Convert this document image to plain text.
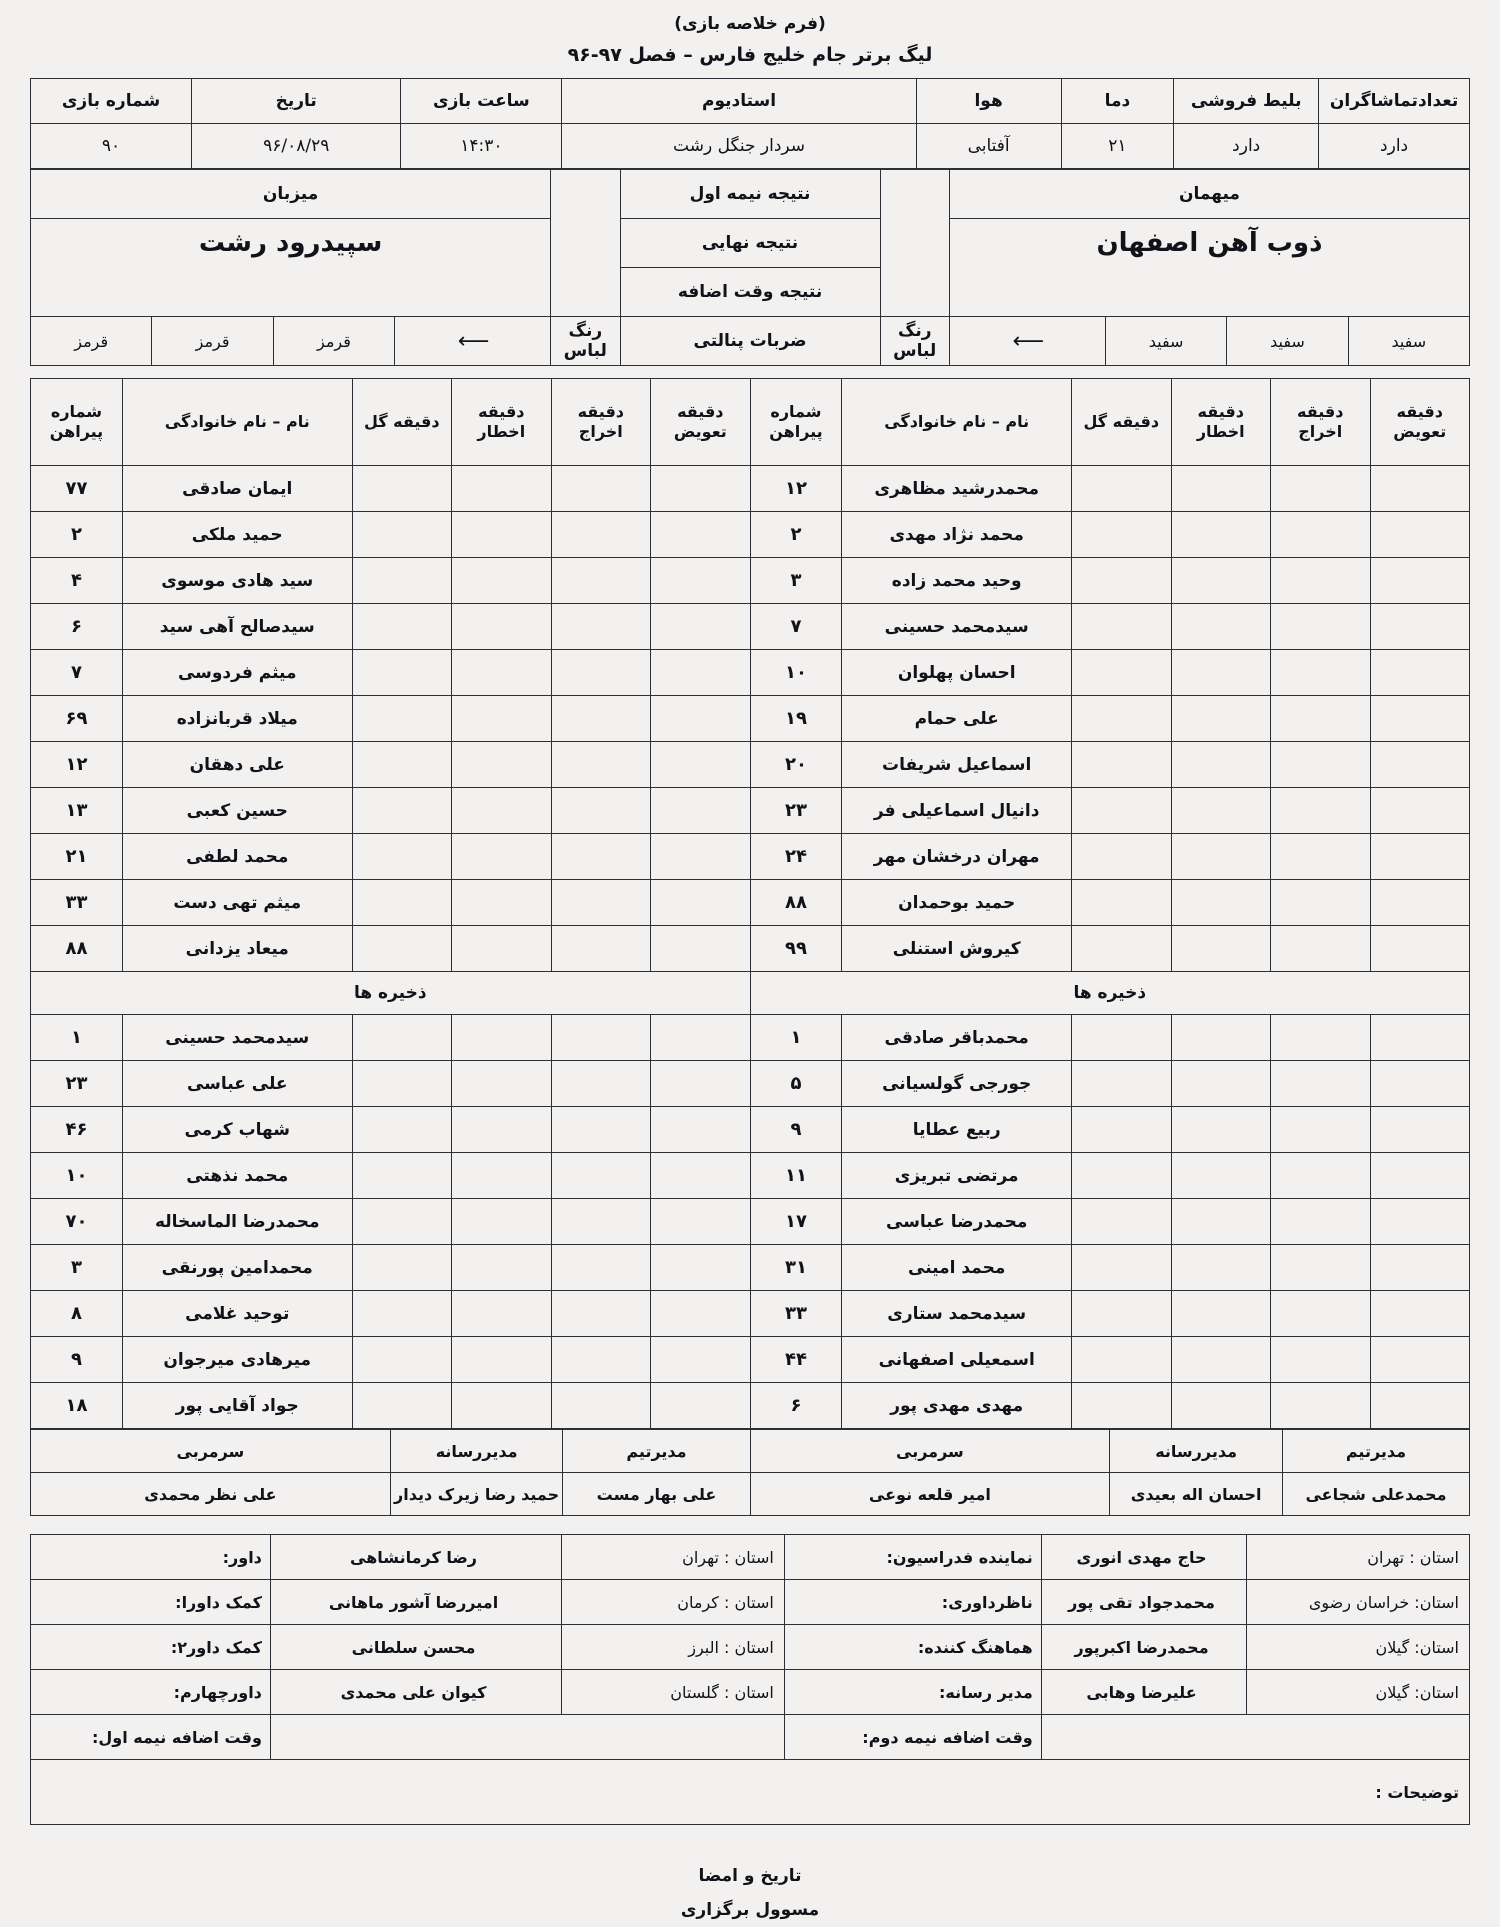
(فرم خلاصه بازی)
لیگ برتر جام خلیج فارس – فصل ۹۷-۹۶
تعدادتماشاگران	بلیط فروشی	دما	هوا	استادیوم	ساعت بازی	تاریخ	شماره بازی
دارد	دارد	۲۱	آفتابی	سردار جنگل رشت	۱۴:۳۰	۹۶/۰۸/۲۹	۹۰
میهمان					نتیجه نیمه اول		میزبان			
ذوب آهن اصفهان					نتیجه نهایی		سپیدرود رشت			
					نتیجه وقت اضافه					
سفید	سفید	سفید	⟵	رنگ لباس	ضربات پنالتی	رنگ لباس	⟵	قرمز	قرمز	قرمز
دقیقه تعویض	دقیقه اخراج	دقیقه اخطار	دقیقه گل	نام – نام خانوادگی	شماره پیراهن	دقیقه تعویض	دقیقه اخراج	دقیقه اخطار	دقیقه گل	نام – نام خانوادگی	شماره پیراهن
				محمدرشید مظاهری	۱۲					ایمان صادقی	۷۷
				محمد نژاد مهدی	۲					حمید ملکی	۲
				وحید محمد زاده	۳					سید هادی موسوی	۴
				سیدمحمد حسینی	۷					سیدصالح آهی سید	۶
				احسان پهلوان	۱۰					میثم فردوسی	۷
				علی حمام	۱۹					میلاد قربانزاده	۶۹
				اسماعیل شریفات	۲۰					علی دهقان	۱۲
				دانیال اسماعیلی فر	۲۳					حسین کعبی	۱۳
				مهران درخشان مهر	۲۴					محمد لطفی	۲۱
				حمید بوحمدان	۸۸					میثم تهی دست	۳۳
				کیروش استنلی	۹۹					میعاد یزدانی	۸۸
ذخیره ها						ذخیره ها					
				محمدباقر صادقی	۱					سیدمحمد حسینی	۱
				جورجی گولسیانی	۵					علی عباسی	۲۳
				ربیع عطایا	۹					شهاب کرمی	۴۶
				مرتضی تبریزی	۱۱					محمد نذهتی	۱۰
				محمدرضا عباسی	۱۷					محمدرضا الماسخاله	۷۰
				محمد امینی	۳۱					محمدامین پورنقی	۳
				سیدمحمد ستاری	۳۳					توحید غلامی	۸
				اسمعیلی اصفهانی	۴۴					میرهادی میرجوان	۹
				مهدی مهدی پور	۶					جواد آقایی پور	۱۸
مدیرتیم	مدیررسانه	سرمربی	مدیرتیم	مدیررسانه	سرمربی
محمدعلی شجاعی	احسان اله بعیدی	امیر قلعه نوعی	علی بهار مست	حمید رضا زیرک دیدار	علی نظر محمدی
استان : تهران	حاج مهدی انوری	نماینده فدراسیون:	استان : تهران	رضا کرمانشاهی	داور:
استان: خراسان رضوی	محمدجواد تقی پور	ناظرداوری:	استان : کرمان	امیررضا آشور ماهانی	کمک داورا:
استان: گیلان	محمدرضا اکبرپور	هماهنگ کننده:	استان : البرز	محسن سلطانی	کمک داور۲:
استان: گیلان	علیرضا وهابی	مدیر رسانه:	استان : گلستان	کیوان علی محمدی	داورچهارم:
		وقت اضافه نیمه دوم:			وقت اضافه نیمه اول:
توضیحات :					
تاریخ و امضا
مسوول برگزاری
